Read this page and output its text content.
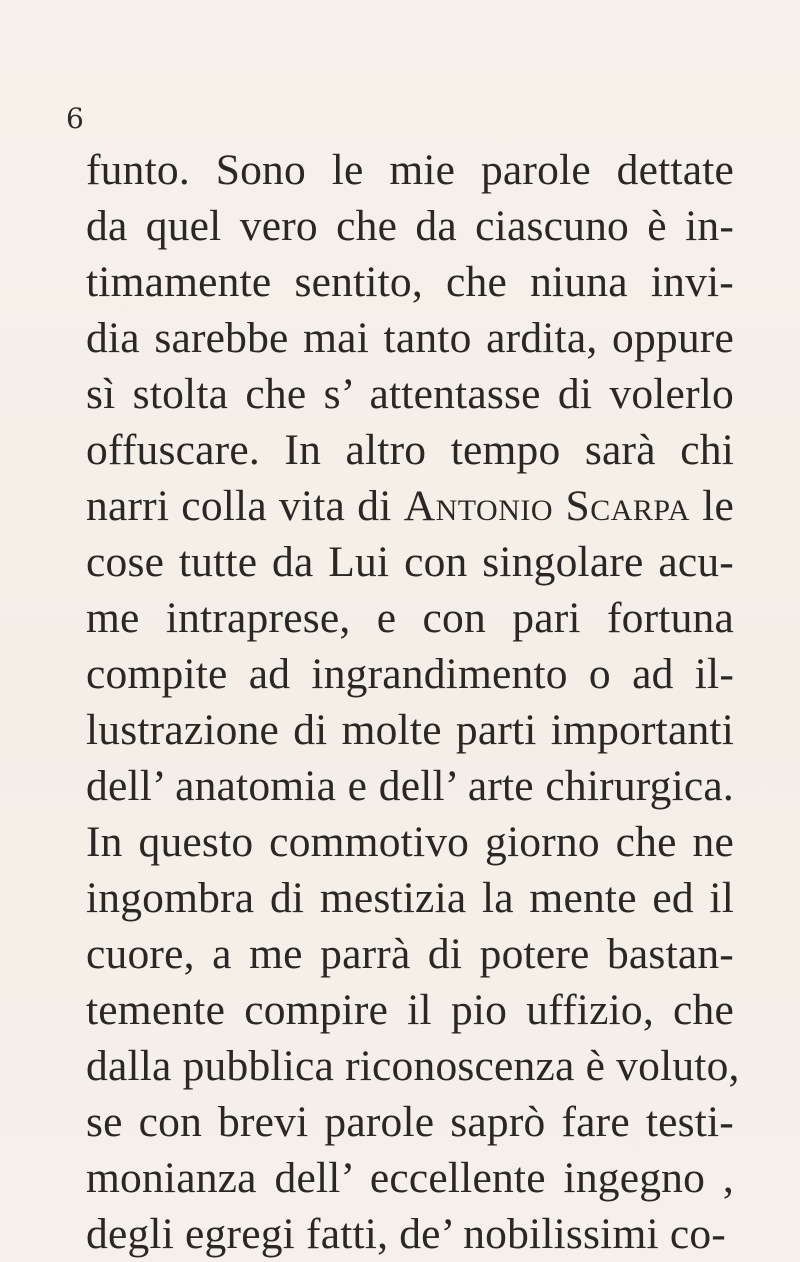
6
funto. Sono le mie parole dettate
da quel vero che da ciascuno è in-
timamente sentito, che niuna invi-
dia sarebbe mai tanto ardita, oppure
sì stolta che s’ attentasse di volerlo
offuscare. In altro tempo sarà chi
narri colla vita di Antonio Scarpa le
cose tutte da Lui con singolare acu-
me intraprese, e con pari fortuna
compite ad ingrandimento o ad il-
lustrazione di molte parti importanti
dell’ anatomia e dell’ arte chirurgica.
In questo commotivo giorno che ne
ingombra di mestizia la mente ed il
cuore, a me parrà di potere bastan-
temente compire il pio uffizio, che
dalla pubblica riconoscenza è voluto,
se con brevi parole saprò fare testi-
monianza dell’ eccellente ingegno ,
degli egregi fatti, de’ nobilissimi co-
